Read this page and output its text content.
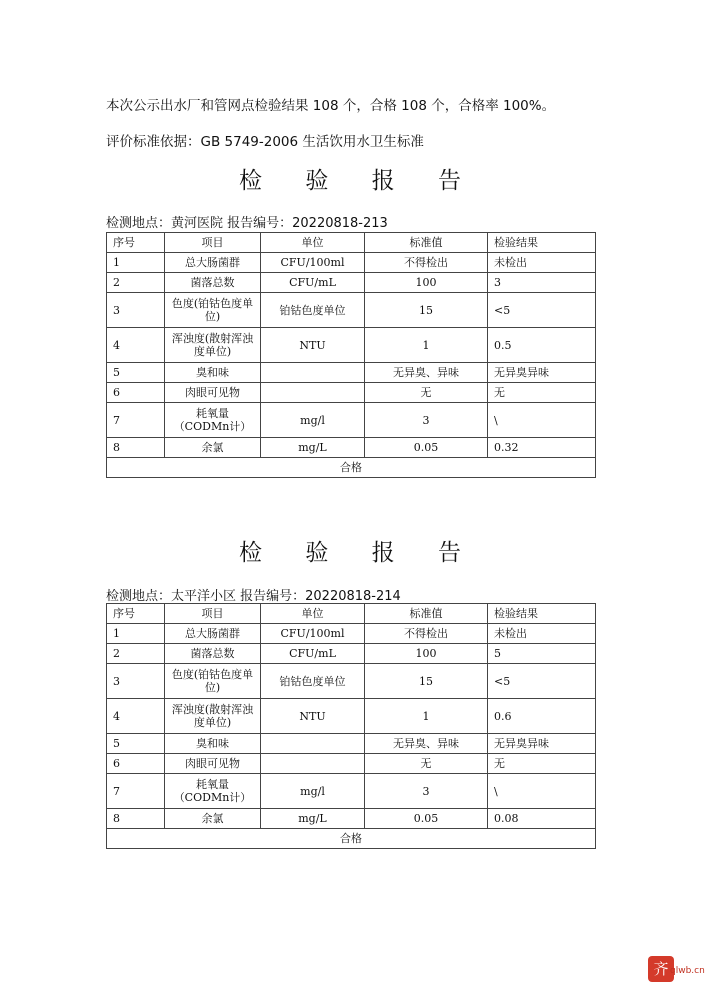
本次公示出水厂和管网点检验结果 108 个，合格 108 个，合格率 100%。
评价标准依据：GB 5749-2006 生活饮用水卫生标准
检 验 报 告
检测地点：黄河医院 报告编号：20220818-213
序号	项目	单位	标准值	检验结果
1	总大肠菌群	CFU/100ml	不得检出	未检出
2	菌落总数	CFU/mL	100	3
3	色度(铂钴色度单位)	铂钴色度单位	15	<5
4	浑浊度(散射浑浊度单位)	NTU	1	0.5
5	臭和味		无异臭、异味	无异臭异味
6	肉眼可见物		无	无
7	耗氧量（CODMn计）	mg/l	3	\
8	余氯	mg/L	0.05	0.32
合格				
检 验 报 告
检测地点：太平洋小区 报告编号：20220818-214
序号	项目	单位	标准值	检验结果
1	总大肠菌群	CFU/100ml	不得检出	未检出
2	菌落总数	CFU/mL	100	5
3	色度(铂钴色度单位)	铂钴色度单位	15	<5
4	浑浊度(散射浑浊度单位)	NTU	1	0.6
5	臭和味		无异臭、异味	无异臭异味
6	肉眼可见物		无	无
7	耗氧量（CODMn计）	mg/l	3	\
8	余氯	mg/L	0.05	0.08
合格				
齐 qlwb.cn
